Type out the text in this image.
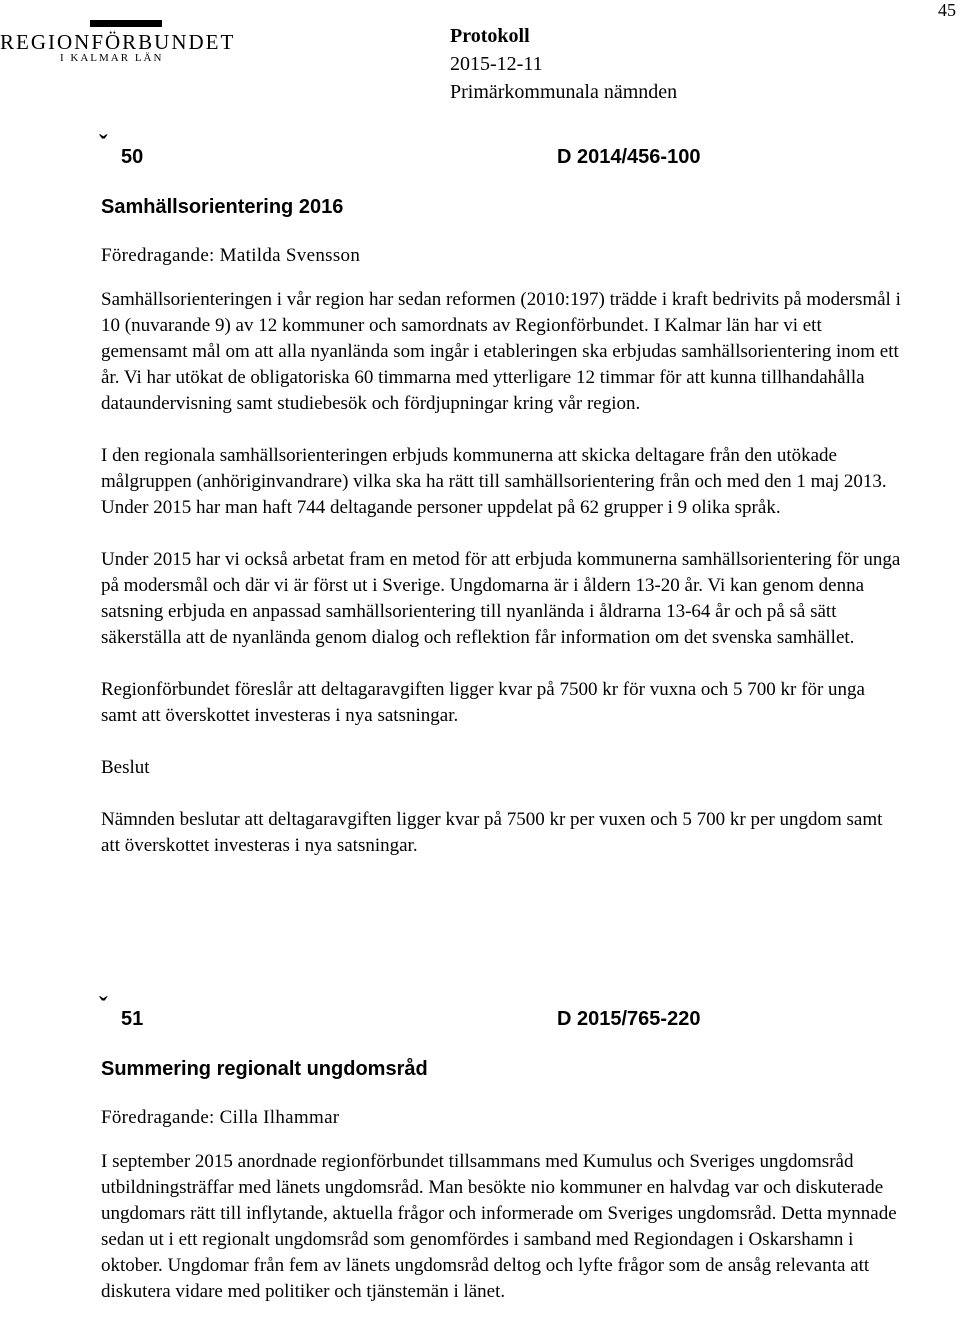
45
REGIONFÖRBUNDET
I KALMAR LÄN
Protokoll
2015-12-11
Primärkommunala nämnden
ˇ 50	D 2014/456-100
Samhällsorientering 2016
Föredragande: Matilda Svensson

Samhällsorienteringen i vår region har sedan reformen (2010:197) trädde i kraft bedrivits på modersmål i 10 (nuvarande 9) av 12 kommuner och samordnats av Regionförbundet. I Kalmar län har vi ett gemensamt mål om att alla nyanlända som ingår i etableringen ska erbjudas samhällsorientering inom ett år. Vi har utökat de obligatoriska 60 timmarna med ytterligare 12 timmar för att kunna tillhandahålla dataundervisning samt studiebesök och fördjupningar kring vår region.

I den regionala samhällsorienteringen erbjuds kommunerna att skicka deltagare från den utökade målgruppen (anhöriginvandrare) vilka ska ha rätt till samhällsorientering från och med den 1 maj 2013. Under 2015 har man haft 744 deltagande personer uppdelat på 62 grupper i 9 olika språk.

Under 2015 har vi också arbetat fram en metod för att erbjuda kommunerna samhällsorientering för unga på modersmål och där vi är först ut i Sverige. Ungdomarna är i åldern 13-20 år. Vi kan genom denna satsning erbjuda en anpassad samhällsorientering till nyanlända i åldrarna 13-64 år och på så sätt säkerställa att de nyanlända genom dialog och reflektion får information om det svenska samhället.

Regionförbundet föreslår att deltagaravgiften ligger kvar på 7500 kr för vuxna och 5 700 kr för unga samt att överskottet investeras i nya satsningar.

Beslut

Nämnden beslutar att deltagaravgiften ligger kvar på 7500 kr per vuxen och 5 700 kr per ungdom samt att överskottet investeras i nya satsningar.

ˇ 51	D 2015/765-220
Summering regionalt ungdomsråd
Föredragande: Cilla Ilhammar

I september 2015 anordnade regionförbundet tillsammans med Kumulus och Sveriges ungdomsråd utbildningsträffar med länets ungdomsråd. Man besökte nio kommuner en halvdag var och diskuterade ungdomars rätt till inflytande, aktuella frågor och informerade om Sveriges ungdomsråd. Detta mynnade sedan ut i ett regionalt ungdomsråd som genomfördes i samband med Regiondagen i Oskarshamn i oktober. Ungdomar från fem av länets ungdomsråd deltog och lyfte frågor som de ansåg relevanta att diskutera vidare med politiker och tjänstemän i länet.
